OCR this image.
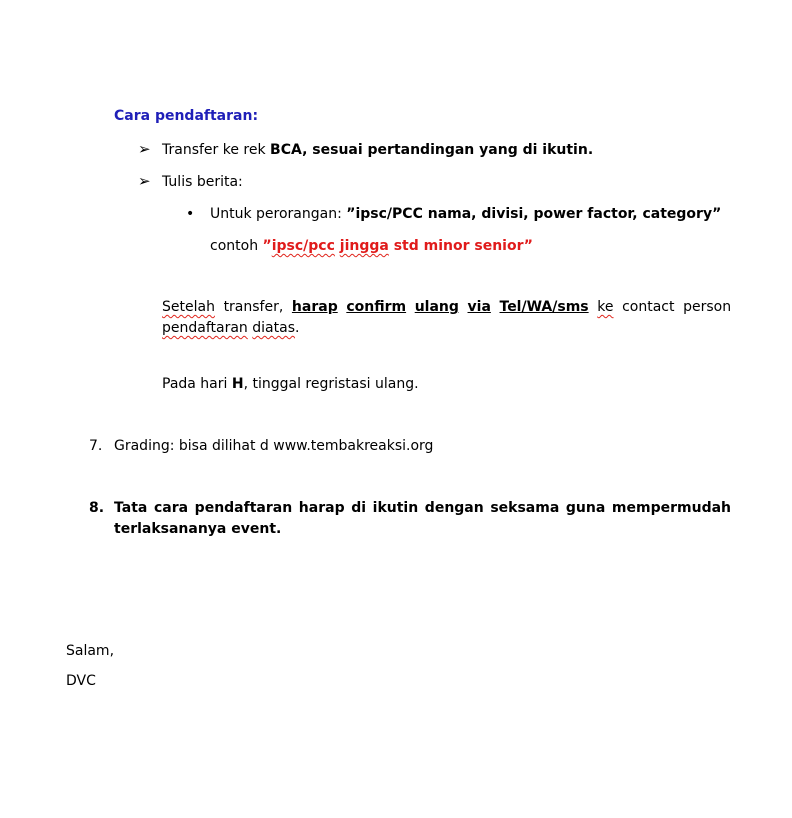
Cara pendaftaran:
➢ Transfer ke rek BCA, sesuai pertandingan yang di ikutin.
➢ Tulis berita:
• Untuk perorangan: ”ipsc/PCC nama, divisi, power factor, category”
contoh ”ipsc/pcc jingga std minor senior”
Setelah transfer, harap confirm ulang via Tel/WA/sms ke contact person
pendaftaran diatas.
Pada hari H, tinggal regristasi ulang.
7. Grading: bisa dilihat d www.tembakreaksi.org
8. Tata cara pendaftaran harap di ikutin dengan seksama guna mempermudah
terlaksananya event.
Salam,
DVC
